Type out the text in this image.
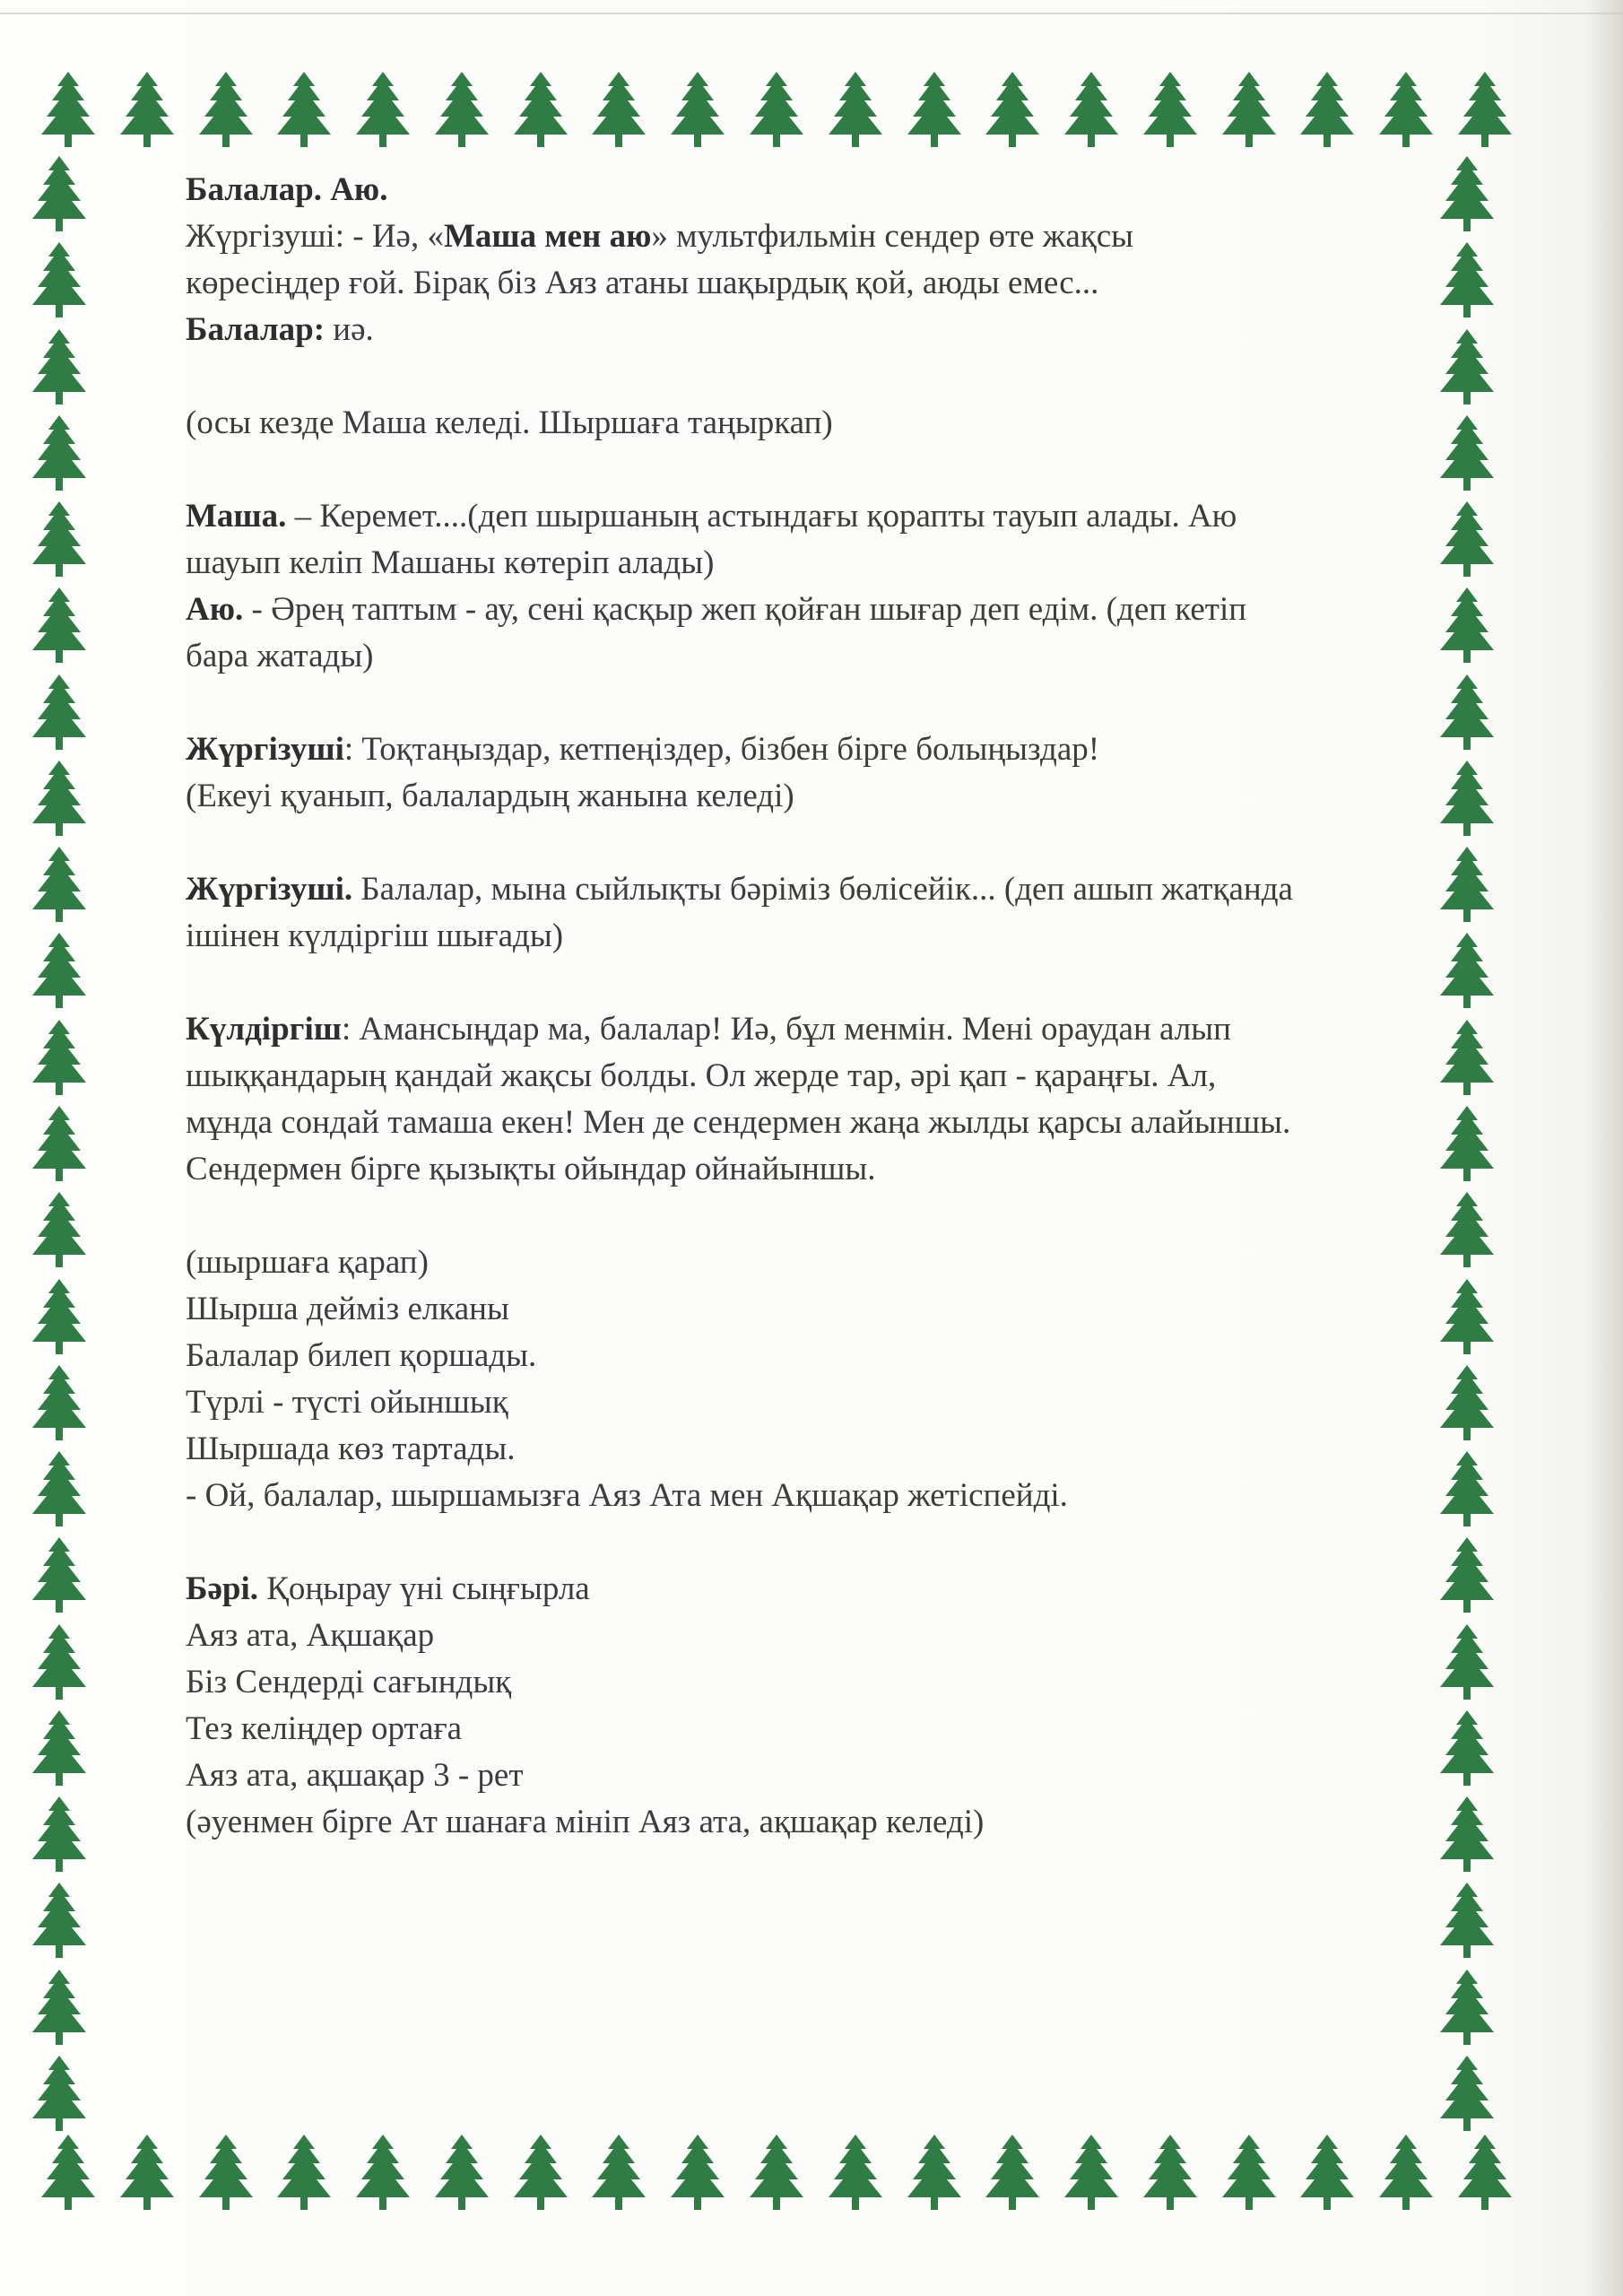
Балалар. Аю.
Жүргізуші: - Иә, «Маша мен аю» мультфильмін сендер өте жақсы
көресіңдер ғой. Бірақ біз Аяз атаны шақырдық қой, аюды емес...
Балалар: иә.
(осы кезде Маша келеді. Шыршаға таңыркап)
Маша. – Керемет....(деп шыршаның астындағы қорапты тауып алады. Аю
шауып келіп Машаны көтеріп алады)
Аю. - Әрең таптым - ау, сені қасқыр жеп қойған шығар деп едім. (деп кетіп
бара жатады)
Жүргізуші: Тоқтаңыздар, кетпеңіздер, бізбен бірге болыңыздар!
(Екеуі қуанып, балалардың жанына келеді)
Жүргізуші. Балалар, мына сыйлықты бәріміз бөлісейік... (деп ашып жатқанда
ішінен күлдіргіш шығады)
Күлдіргіш: Амансыңдар ма, балалар! Иә, бұл менмін. Мені ораудан алып
шыққандарың қандай жақсы болды. Ол жерде тар, әрі қап - қараңғы. Ал,
мұнда сондай тамаша екен! Мен де сендермен жаңа жылды қарсы алайыншы.
Сендермен бірге қызықты ойындар ойнайыншы.
(шыршаға қарап)
Шырша дейміз елканы
Балалар билеп қоршады.
Түрлі - түсті ойыншық
Шыршада көз тартады.
- Ой, балалар, шыршамызға Аяз Ата мен Ақшақар жетіспейді.
Бәрі. Қоңырау үні сыңғырла
Аяз ата, Ақшақар
Біз Сендерді сағындық
Тез келіңдер ортаға
Аяз ата, ақшақар 3 - рет
(әуенмен бірге Ат шанаға мініп Аяз ата, ақшақар келеді)
